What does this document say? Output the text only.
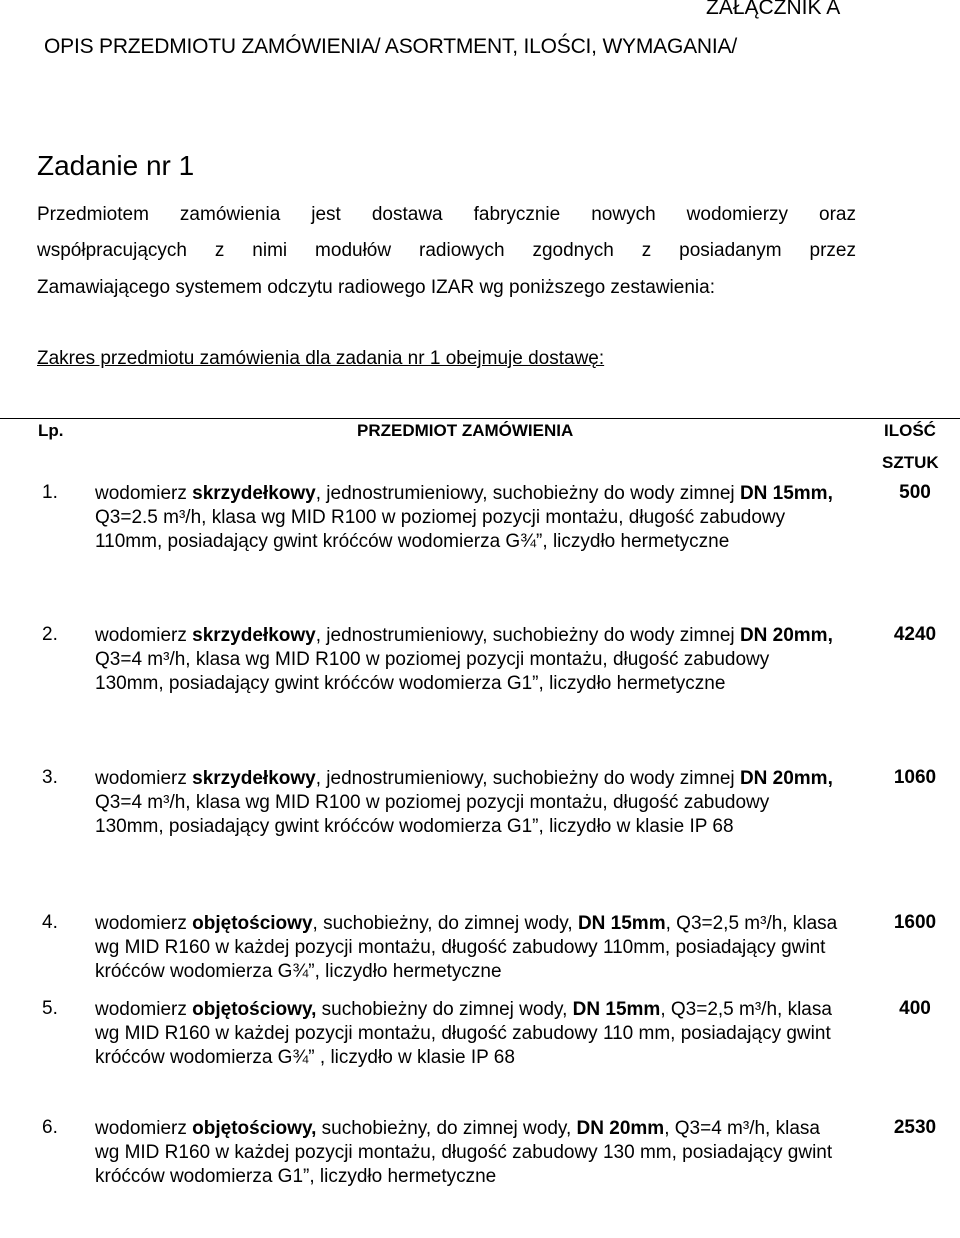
ZAŁĄCZNIK A
OPIS PRZEDMIOTU ZAMÓWIENIA/ ASORTMENT, ILOŚCI, WYMAGANIA/
Zadanie nr 1
Przedmiotem zamówienia jest dostawa fabrycznie nowych wodomierzy oraz
współpracujących z nimi modułów radiowych zgodnych z posiadanym przez
Zamawiającego systemem odczytu radiowego IZAR wg poniższego zestawienia:
Zakres przedmiotu zamówienia dla zadania nr 1 obejmuje dostawę:
Lp.	PRZEDMIOT ZAMÓWIENIA	ILOŚĆ
SZTUK
1. wodomierz skrzydełkowy, jednostrumieniowy, suchobieżny do wody zimnej DN 15mm,
Q3=2.5 m³/h, klasa wg MID R100 w poziomej pozycji montażu, długość zabudowy 110mm, posiadający gwint króćców wodomierza G¾”, liczydło hermetyczne
500
2. wodomierz skrzydełkowy, jednostrumieniowy, suchobieżny do wody zimnej DN 20mm,
Q3=4 m³/h, klasa wg MID R100 w poziomej pozycji montażu, długość zabudowy 130mm, posiadający gwint króćców wodomierza G1”, liczydło hermetyczne
4240
3. wodomierz skrzydełkowy, jednostrumieniowy, suchobieżny do wody zimnej DN 20mm,
Q3=4 m³/h, klasa wg MID R100 w poziomej pozycji montażu, długość zabudowy 130mm, posiadający gwint króćców wodomierza G1”, liczydło w klasie IP 68
1060
4. wodomierz objętościowy, suchobieżny, do zimnej wody, DN 15mm, Q3=2,5 m³/h, klasa wg MID R160 w każdej pozycji montażu, długość zabudowy 110mm, posiadający gwint króćców wodomierza G¾”, liczydło hermetyczne
1600
5. wodomierz objętościowy, suchobieżny do zimnej wody, DN 15mm, Q3=2,5 m³/h, klasa wg MID R160 w każdej pozycji montażu, długość zabudowy 110 mm, posiadający gwint króćców wodomierza G¾” , liczydło w klasie IP 68
400
6. wodomierz objętościowy, suchobieżny, do zimnej wody, DN 20mm, Q3=4 m³/h, klasa wg MID R160 w każdej pozycji montażu, długość zabudowy 130 mm, posiadający gwint króćców wodomierza G1”, liczydło hermetyczne
2530
